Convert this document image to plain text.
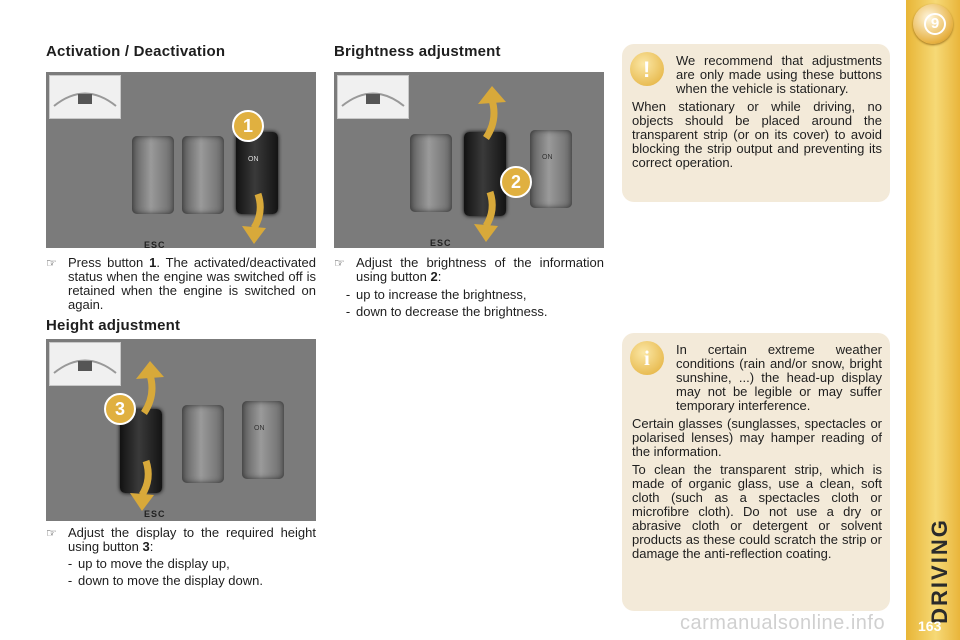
Activation / Deactivation
ON
ESC
1
☞ Press button 1. The activated/deactivated status when the engine was switched off is retained when the engine is switched on again.

Height adjustment
ON
ESC
3
☞ Adjust the display to the required height using button 3:

- up to move the display up,
- down to move the display down.
Brightness adjustment
ON
ESC
2
☞ Adjust the brightness of the information using button 2:

- up to increase the brightness,
- down to decrease the brightness.
!	We recommend that adjustments are only made using these buttons when the vehicle is stationary.

When stationary or while driving, no objects should be placed around the transparent strip (or on its cover) to avoid blocking the strip output and preventing its correct operation.

i	In certain extreme weather conditions (rain and/or snow, bright sunshine, ...) the head-up display may not be legible or may suffer temporary interference.

Certain glasses (sunglasses, spectacles or polarised lenses) may hamper reading of the information.

To clean the transparent strip, which is made of organic glass, use a clean, soft cloth (such as a spectacles cloth or microfibre cloth). Do not use a dry or abrasive cloth or detergent or solvent products as these could scratch the strip or damage the anti-reflection coating.

9
DRIVING
163
carmanualsonline.info
